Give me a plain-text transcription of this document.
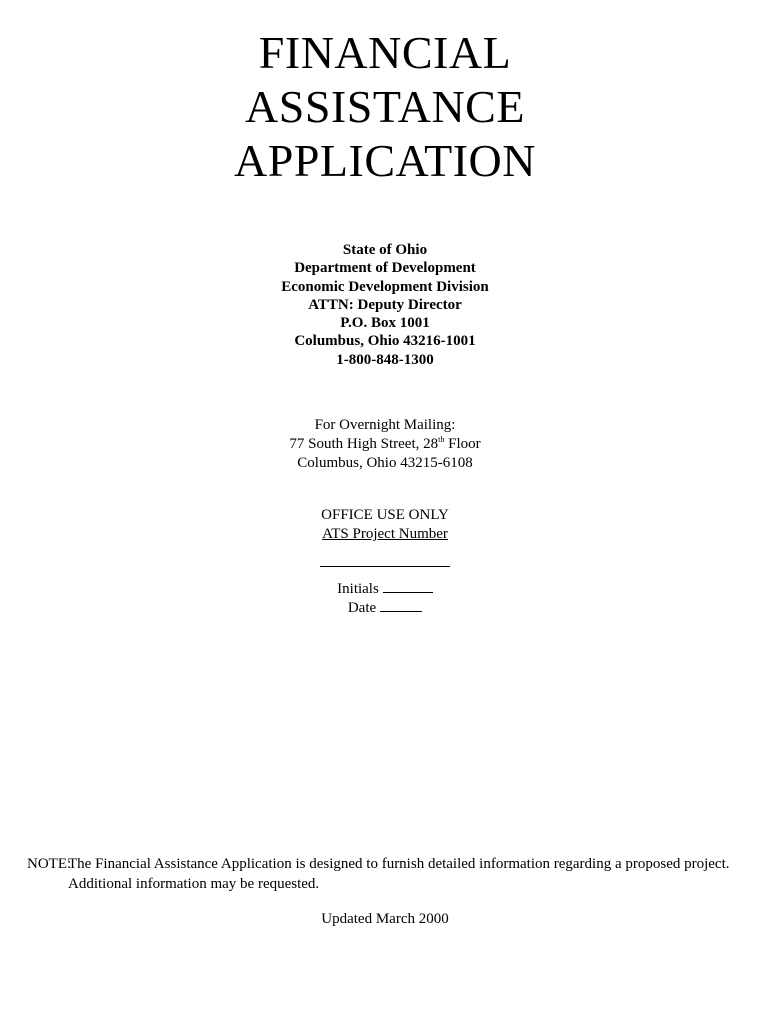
FINANCIAL

ASSISTANCE

APPLICATION

State of Ohio
Department of Development
Economic Development Division
ATTN: Deputy Director
P.O. Box 1001
Columbus, Ohio 43216-1001
1-800-848-1300
For Overnight Mailing:
77 South High Street, 28th Floor
Columbus, Ohio 43215-6108
OFFICE USE ONLY
ATS Project Number
Initials
Date
NOTE:
The Financial Assistance Application is designed to furnish detailed information regarding a proposed project.
Additional information may be requested.
Updated March 2000
